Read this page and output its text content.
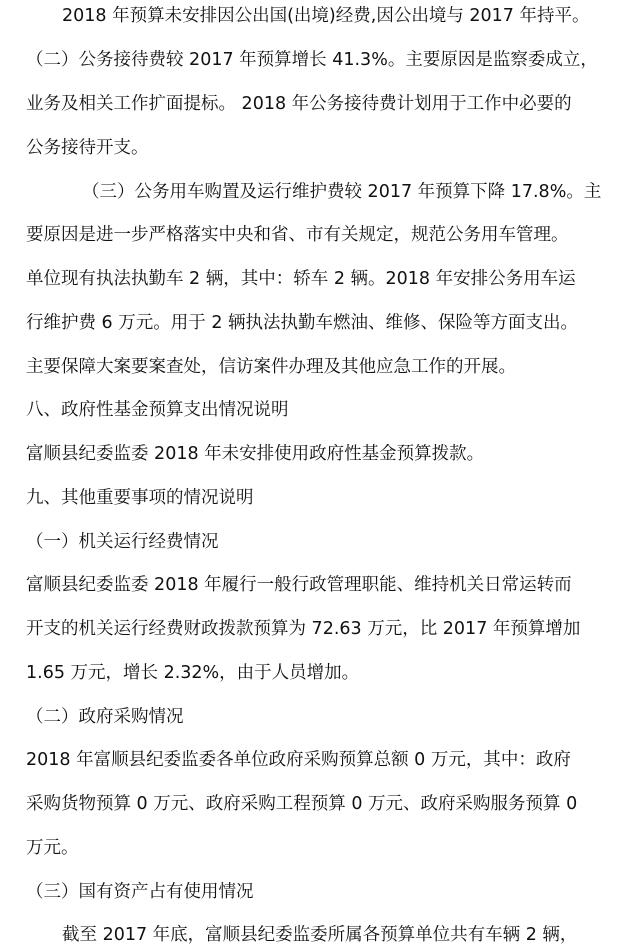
2018 年预算未安排因公出国(出境)经费,因公出境与 2017 年持平。
（二）公务接待费较 2017 年预算增长 41.3%。主要原因是监察委成立，
业务及相关工作扩面提标。 2018 年公务接待费计划用于工作中必要的
公务接待开支。
（三）公务用车购置及运行维护费较 2017 年预算下降 17.8%。主
要原因是进一步严格落实中央和省、市有关规定，规范公务用车管理。
单位现有执法执勤车 2 辆，其中：轿车 2 辆。2018 年安排公务用车运
行维护费 6 万元。用于 2 辆执法执勤车燃油、维修、保险等方面支出。
主要保障大案要案查处，信访案件办理及其他应急工作的开展。
八、政府性基金预算支出情况说明
富顺县纪委监委 2018 年未安排使用政府性基金预算拨款。
九、其他重要事项的情况说明
（一）机关运行经费情况
富顺县纪委监委 2018 年履行一般行政管理职能、维持机关日常运转而
开支的机关运行经费财政拨款预算为 72.63 万元，比 2017 年预算增加
1.65 万元，增长 2.32%，由于人员增加。
（二）政府采购情况
2018 年富顺县纪委监委各单位政府采购预算总额 0 万元，其中：政府
采购货物预算 0 万元、政府采购工程预算 0 万元、政府采购服务预算 0
万元。
（三）国有资产占有使用情况
截至 2017 年底，富顺县纪委监委所属各预算单位共有车辆 2 辆，
